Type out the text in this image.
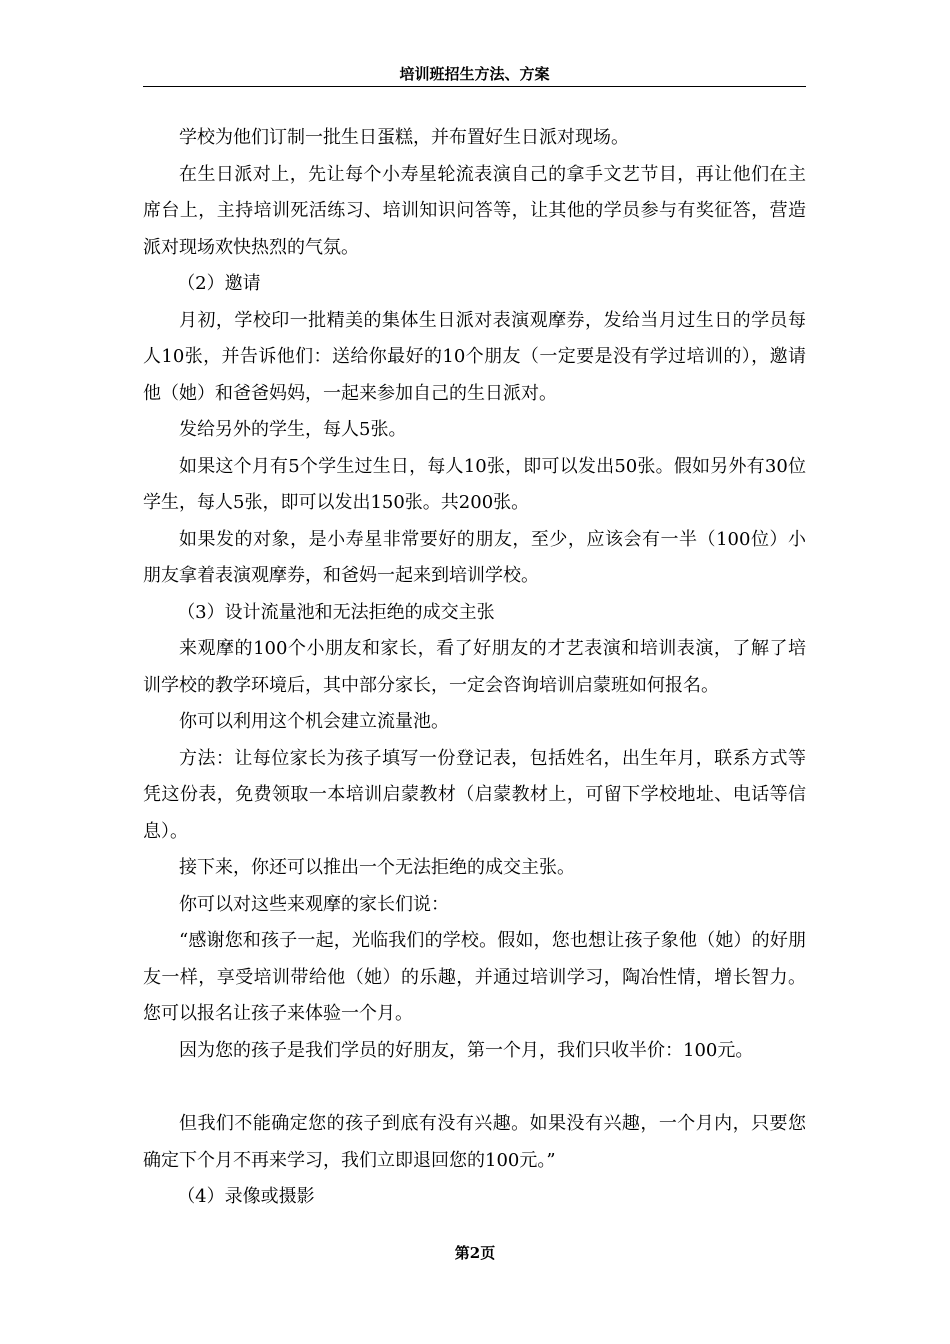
培训班招生方法、方案

学校为他们订制一批生日蛋糕，并布置好生日派对现场。

在生日派对上，先让每个小寿星轮流表演自己的拿手文艺节目，再让他们在主席台上，主持培训死活练习、培训知识问答等，让其他的学员参与有奖征答，营造派对现场欢快热烈的气氛。

（2）邀请

月初，学校印一批精美的集体生日派对表演观摩券，发给当月过生日的学员每人10张，并告诉他们：送给你最好的10个朋友（一定要是没有学过培训的），邀请他（她）和爸爸妈妈，一起来参加自己的生日派对。

发给另外的学生，每人5张。

如果这个月有5个学生过生日，每人10张，即可以发出50张。假如另外有30位学生，每人5张，即可以发出150张。共200张。

如果发的对象，是小寿星非常要好的朋友，至少，应该会有一半（100位）小朋友拿着表演观摩券，和爸妈一起来到培训学校。

（3）设计流量池和无法拒绝的成交主张

来观摩的100个小朋友和家长，看了好朋友的才艺表演和培训表演，了解了培训学校的教学环境后，其中部分家长，一定会咨询培训启蒙班如何报名。

你可以利用这个机会建立流量池。

方法：让每位家长为孩子填写一份登记表，包括姓名，出生年月，联系方式等凭这份表，免费领取一本培训启蒙教材（启蒙教材上，可留下学校地址、电话等信息）。

接下来，你还可以推出一个无法拒绝的成交主张。

你可以对这些来观摩的家长们说：

“感谢您和孩子一起，光临我们的学校。假如，您也想让孩子象他（她）的好朋友一样，享受培训带给他（她）的乐趣，并通过培训学习，陶冶性情，增长智力。您可以报名让孩子来体验一个月。

因为您的孩子是我们学员的好朋友，第一个月，我们只收半价：100元。

但我们不能确定您的孩子到底有没有兴趣。如果没有兴趣，一个月内，只要您确定下个月不再来学习，我们立即退回您的100元。”

（4）录像或摄影

第2页
